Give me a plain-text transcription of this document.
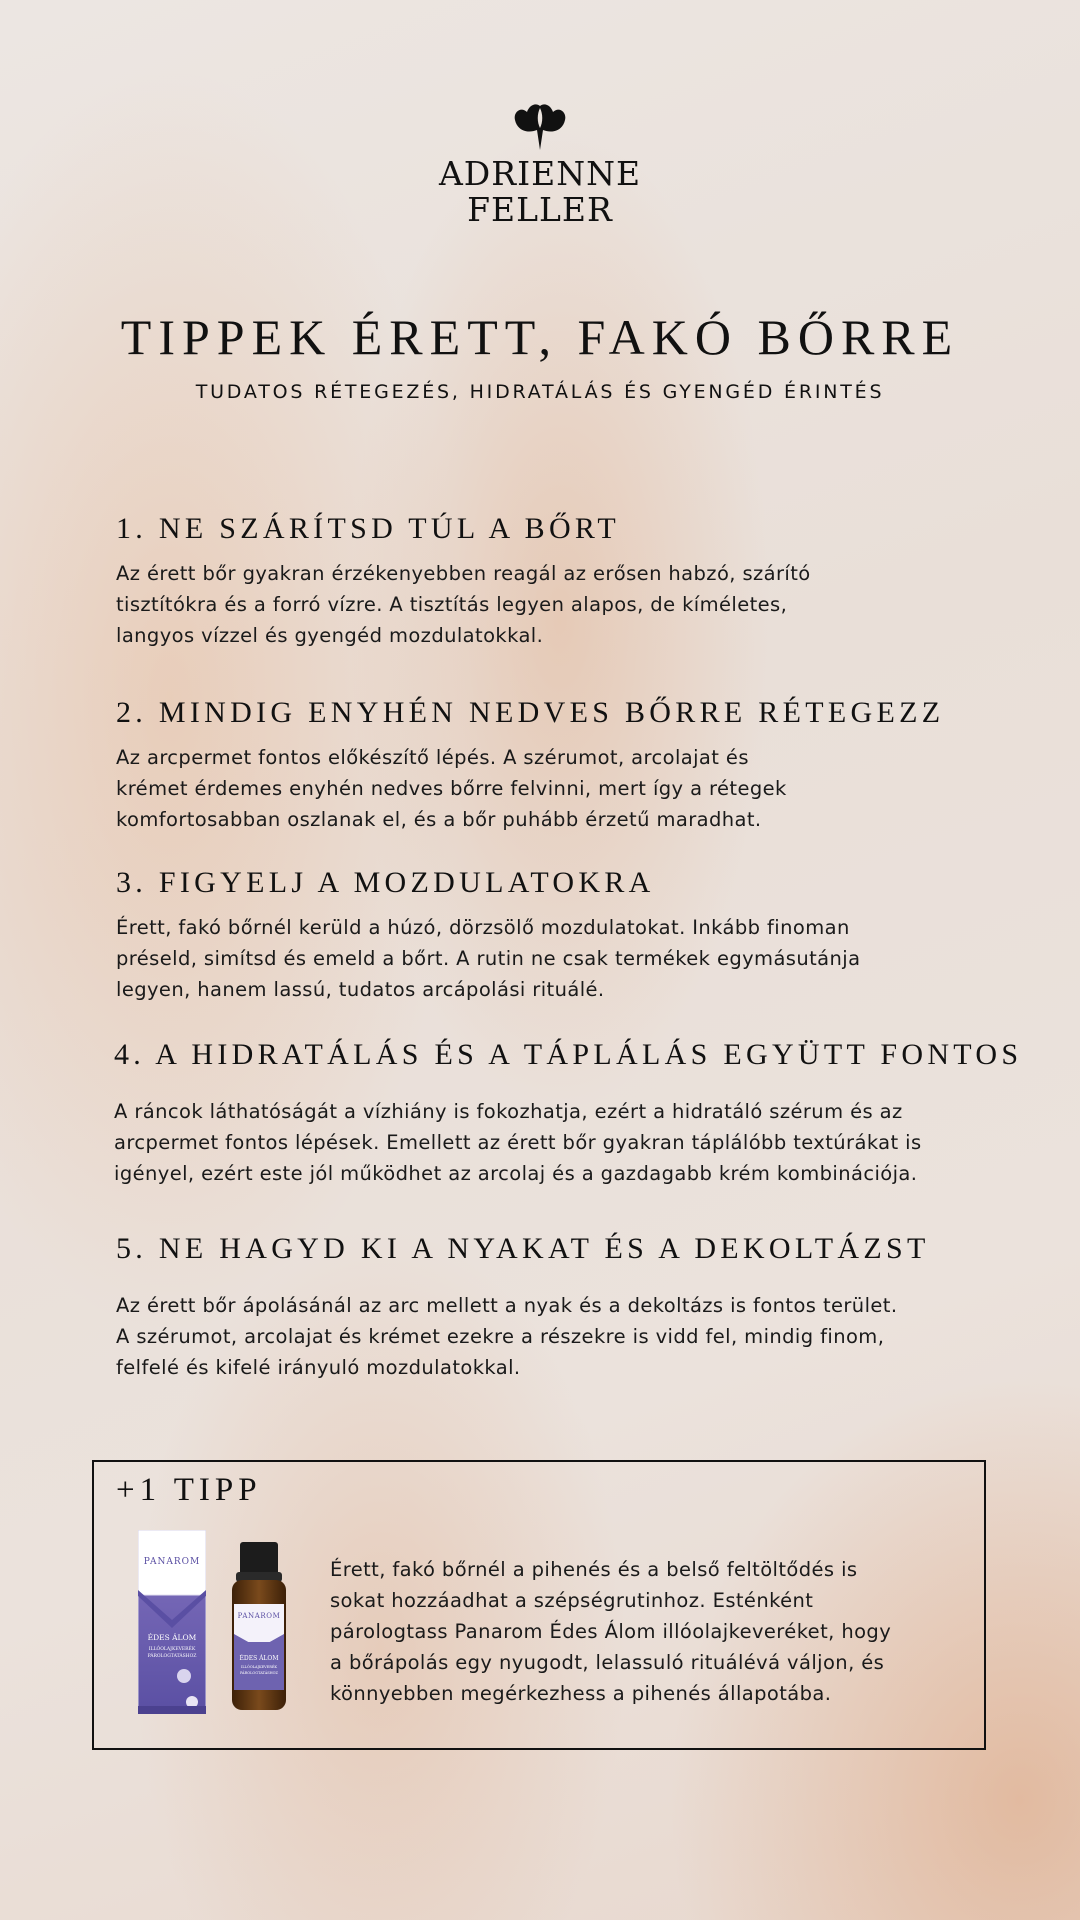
ADRIENNE
FELLER
TIPPEK ÉRETT, FAKÓ BŐRRE
TUDATOS RÉTEGEZÉS, HIDRATÁLÁS ÉS GYENGÉD ÉRINTÉS
1. NE SZÁRÍTSD TÚL A BŐRT

Az érett bőr gyakran érzékenyebben reagál az erősen habzó, szárító
tisztítókra és a forró vízre. A tisztítás legyen alapos, de kíméletes,
langyos vízzel és gyengéd mozdulatokkal.

2. MINDIG ENYHÉN NEDVES BŐRRE RÉTEGEZZ

Az arcpermet fontos előkészítő lépés. A szérumot, arcolajat és
krémet érdemes enyhén nedves bőrre felvinni, mert így a rétegek
komfortosabban oszlanak el, és a bőr puhább érzetű maradhat.

3. FIGYELJ A MOZDULATOKRA

Érett, fakó bőrnél kerüld a húzó, dörzsölő mozdulatokat. Inkább finoman
préseld, simítsd és emeld a bőrt. A rutin ne csak termékek egymásutánja
legyen, hanem lassú, tudatos arcápolási rituálé.

4. A HIDRATÁLÁS ÉS A TÁPLÁLÁS EGYÜTT FONTOS

A ráncok láthatóságát a vízhiány is fokozhatja, ezért a hidratáló szérum és az
arcpermet fontos lépések. Emellett az érett bőr gyakran táplálóbb textúrákat is
igényel, ezért este jól működhet az arcolaj és a gazdagabb krém kombinációja.

5. NE HAGYD KI A NYAKAT ÉS A DEKOLTÁZST

Az érett bőr ápolásánál az arc mellett a nyak és a dekoltázs is fontos terület.
A szérumot, arcolajat és krémet ezekre a részekre is vidd fel, mindig finom,
felfelé és kifelé irányuló mozdulatokkal.

+1 TIPP
PANAROM
ÉDES ÁLOM
ILLÓOLAJKEVERÉK
PÁROLOGTATÁSHOZ
PANAROM
ÉDES ÁLOM
ILLÓOLAJKEVERÉK
PÁROLOGTATÁSHOZ

Érett, fakó bőrnél a pihenés és a belső feltöltődés is
sokat hozzáadhat a szépségrutinhoz. Esténként
párologtass Panarom Édes Álom illóolajkeveréket, hogy
a bőrápolás egy nyugodt, lelassuló rituálévá váljon, és
könnyebben megérkezhess a pihenés állapotába.
